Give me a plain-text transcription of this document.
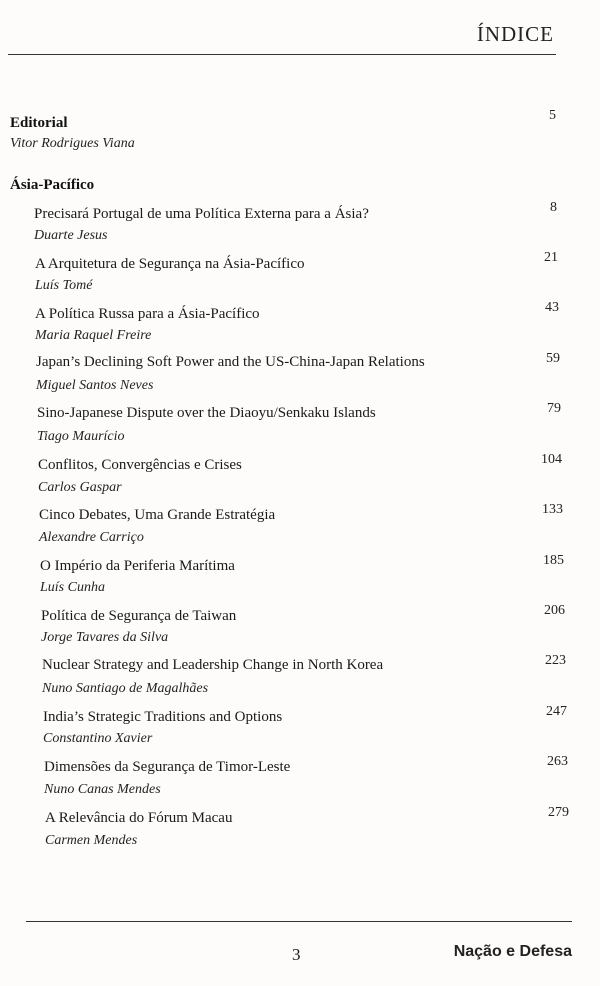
ÍNDICE
Editorial
Vitor Rodrigues Viana
5
Ásia-Pacífico
Precisará Portugal de uma Política Externa para a Ásia?
Duarte Jesus
8
A Arquitetura de Segurança na Ásia-Pacífico
Luís Tomé
21
A Política Russa para a Ásia-Pacífico
Maria Raquel Freire
43
Japan’s Declining Soft Power and the US-China-Japan Relations
Miguel Santos Neves
59
Sino-Japanese Dispute over the Diaoyu/Senkaku Islands
Tiago Maurício
79
Conflitos, Convergências e Crises
Carlos Gaspar
104
Cinco Debates, Uma Grande Estratégia
Alexandre Carriço
133
O Império da Periferia Marítima
Luís Cunha
185
Política de Segurança de Taiwan
Jorge Tavares da Silva
206
Nuclear Strategy and Leadership Change in North Korea
Nuno Santiago de Magalhães
223
India’s Strategic Traditions and Options
Constantino Xavier
247
Dimensões da Segurança de Timor-Leste
Nuno Canas Mendes
263
A Relevância do Fórum Macau
Carmen Mendes
279
3	Nação e Defesa
